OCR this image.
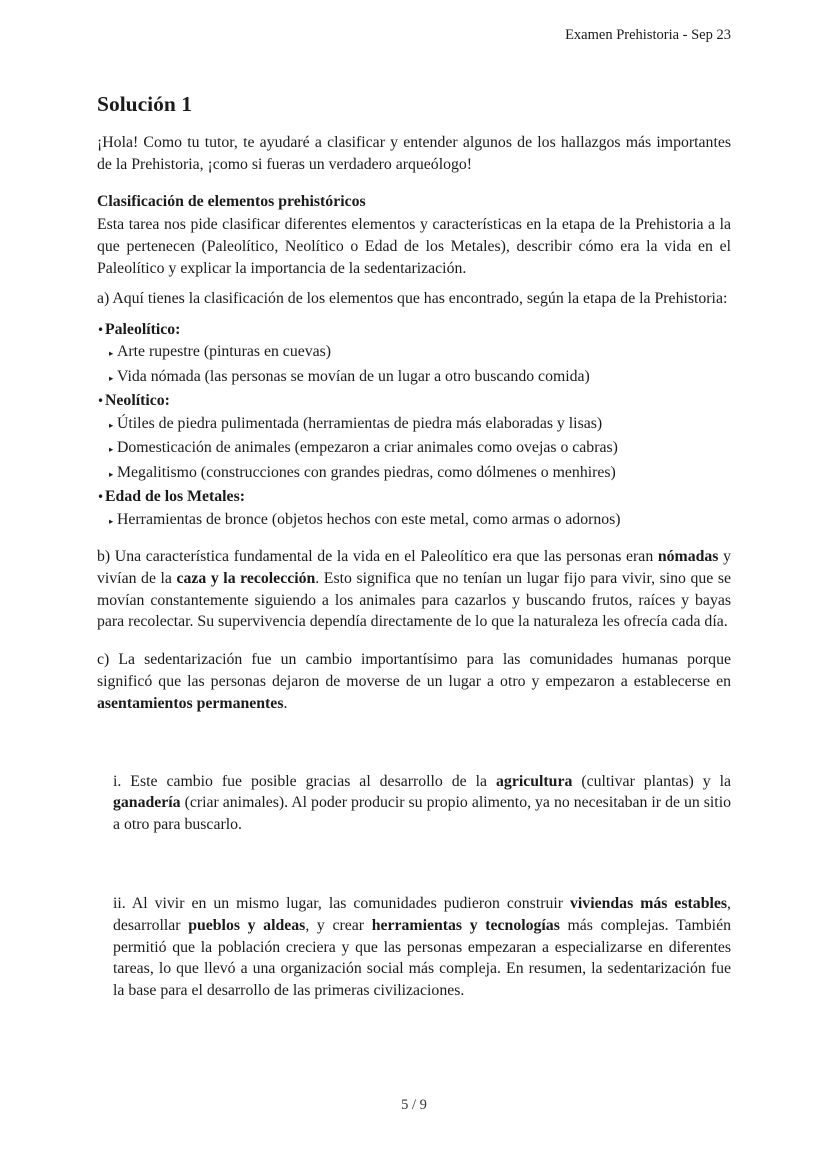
Examen Prehistoria - Sep 23
Solución 1

¡Hola! Como tu tutor, te ayudaré a clasificar y entender algunos de los hallazgos más importantes de la Prehistoria, ¡como si fueras un verdadero arqueólogo!

Clasificación de elementos prehistóricos

Esta tarea nos pide clasificar diferentes elementos y características en la etapa de la Prehistoria a la que pertenecen (Paleolítico, Neolítico o Edad de los Metales), describir cómo era la vida en el Paleolítico y explicar la importancia de la sedentarización.

a) Aquí tienes la clasificación de los elementos que has encontrado, según la etapa de la Prehistoria:

• Paleolítico:
▸ Arte rupestre (pinturas en cuevas)
▸ Vida nómada (las personas se movían de un lugar a otro buscando comida)
• Neolítico:
▸ Útiles de piedra pulimentada (herramientas de piedra más elaboradas y lisas)
▸ Domesticación de animales (empezaron a criar animales como ovejas o cabras)
▸ Megalitismo (construcciones con grandes piedras, como dólmenes o menhires)
• Edad de los Metales:
▸ Herramientas de bronce (objetos hechos con este metal, como armas o adornos)

b) Una característica fundamental de la vida en el Paleolítico era que las personas eran nómadas y vivían de la caza y la recolección. Esto significa que no tenían un lugar fijo para vivir, sino que se movían constantemente siguiendo a los animales para cazarlos y buscando frutos, raíces y bayas para recolectar. Su supervivencia dependía directamente de lo que la naturaleza les ofrecía cada día.

c) La sedentarización fue un cambio importantísimo para las comunidades humanas porque significó que las personas dejaron de moverse de un lugar a otro y empezaron a establecerse en asentamientos permanentes.

i. Este cambio fue posible gracias al desarrollo de la agricultura (cultivar plantas) y la ganadería (criar animales). Al poder producir su propio alimento, ya no necesitaban ir de un sitio a otro para buscarlo.

ii. Al vivir en un mismo lugar, las comunidades pudieron construir viviendas más estables, desarrollar pueblos y aldeas, y crear herramientas y tecnologías más complejas. También permitió que la población creciera y que las personas empezaran a especializarse en diferentes tareas, lo que llevó a una organización social más compleja. En resumen, la sedentarización fue la base para el desarrollo de las primeras civilizaciones.

5 / 9
